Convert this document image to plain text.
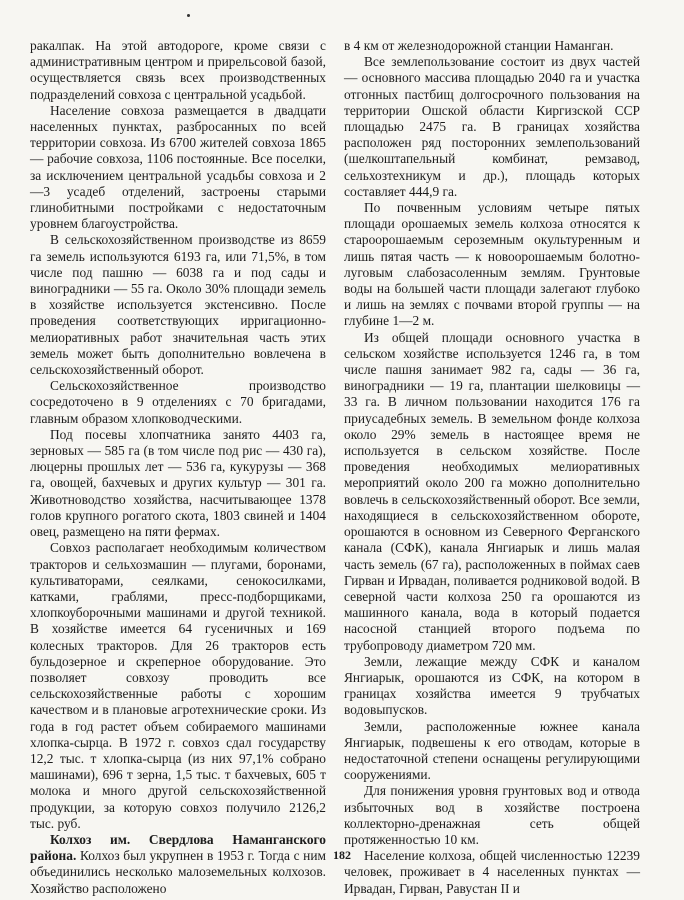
ракалпак. На этой автодороге, кроме связи с административным центром и прирельсовой базой, осуществляется связь всех производственных подразделений совхоза с центральной усадьбой.

Население совхоза размещается в двадцати населенных пунктах, разбросанных по всей территории совхоза. Из 6700 жителей совхоза 1865 — рабочие совхоза, 1106 постоянные. Все поселки, за исключением центральной усадьбы совхоза и 2—3 усадеб отделений, застроены старыми глинобитными постройками с недостаточным уровнем благоустройства.

В сельскохозяйственном производстве из 8659 га земель используются 6193 га, или 71,5%, в том числе под пашню — 6038 га и под сады и виноградники — 55 га. Около 30% площади земель в хозяйстве используется экстенсивно. После проведения соответствующих ирригационно-мелиоративных работ значительная часть этих земель может быть дополнительно вовлечена в сельскохозяйственный оборот.

Сельскохозяйственное производство сосредоточено в 9 отделениях с 70 бригадами, главным образом хлопководческими.

Под посевы хлопчатника занято 4403 га, зерновых — 585 га (в том числе под рис — 430 га), люцерны прошлых лет — 536 га, кукурузы — 368 га, овощей, бахчевых и других культур — 301 га. Животноводство хозяйства, насчитывающее 1378 голов крупного рогатого скота, 1803 свиней и 1404 овец, размещено на пяти фермах.

Совхоз располагает необходимым количеством тракторов и сельхозмашин — плугами, боронами, культиваторами, сеялками, сенокосилками, катками, граблями, пресс-подборщиками, хлопкоуборочными машинами и другой техникой. В хозяйстве имеется 64 гусеничных и 169 колесных тракторов. Для 26 тракторов есть бульдозерное и скреперное оборудование. Это позволяет совхозу проводить все сельскохозяйственные работы с хорошим качеством и в плановые агротехнические сроки. Из года в год растет объем собираемого машинами хлопка-сырца. В 1972 г. совхоз сдал государству 12,2 тыс. т хлопка-сырца (из них 97,1% собрано машинами), 696 т зерна, 1,5 тыс. т бахчевых, 605 т молока и много другой сельскохозяйственной продукции, за которую совхоз получило 2126,2 тыс. руб.

Колхоз им. Свердлова Наманганского района. Колхоз был укрупнен в 1953 г. Тогда с ним объединились несколько малоземельных колхозов. Хозяйство расположено

в 4 км от железнодорожной станции Наманган.

Все землепользование состоит из двух частей — основного массива площадью 2040 га и участка отгонных пастбищ долгосрочного пользования на территории Ошской области Киргизской ССР площадью 2475 га. В границах хозяйства расположен ряд посторонних землепользований (шелкоштапельный комбинат, ремзавод, сельхозтехникум и др.), площадь которых составляет 444,9 га.

По почвенным условиям четыре пятых площади орошаемых земель колхоза относятся к староорошаемым сероземным окультуренным и лишь пятая часть — к новоорошаемым болотно-луговым слабозасоленным землям. Грунтовые воды на большей части площади залегают глубоко и лишь на землях с почвами второй группы — на глубине 1—2 м.

Из общей площади основного участка в сельском хозяйстве используется 1246 га, в том числе пашня занимает 982 га, сады — 36 га, виноградники — 19 га, плантации шелковицы — 33 га. В личном пользовании находится 176 га приусадебных земель. В земельном фонде колхоза около 29% земель в настоящее время не используется в сельском хозяйстве. После проведения необходимых мелиоративных мероприятий около 200 га можно дополнительно вовлечь в сельскохозяйственный оборот. Все земли, находящиеся в сельскохозяйственном обороте, орошаются в основном из Северного Ферганского канала (СФК), канала Янгиарык и лишь малая часть земель (67 га), расположенных в поймах саев Гирван и Ирвадан, поливается родниковой водой. В северной части колхоза 250 га орошаются из машинного канала, вода в который подается насосной станцией второго подъема по трубопроводу диаметром 720 мм.

Земли, лежащие между СФК и каналом Янгиарык, орошаются из СФК, на котором в границах хозяйства имеется 9 трубчатых водовыпусков.

Земли, расположенные южнее канала Янгиарык, подвешены к его отводам, которые в недостаточной степени оснащены регулирующими сооружениями.

Для понижения уровня грунтовых вод и отвода избыточных вод в хозяйстве построена коллекторно-дренажная сеть общей протяженностью 10 км.

Население колхоза, общей численностью 12239 человек, проживает в 4 населенных пунктах — Ирвадан, Гирван, Равустан II и

182
